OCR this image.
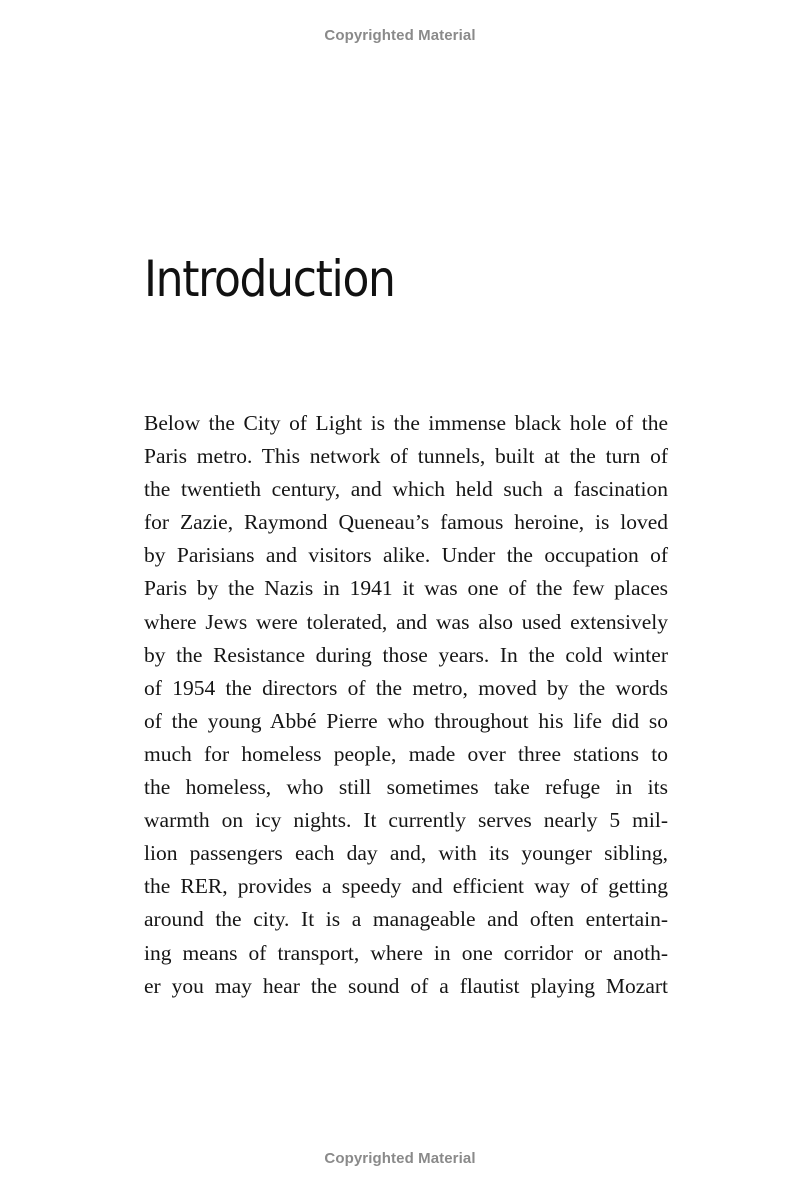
Copyrighted Material
Introduction
Below the City of Light is the immense black hole of the
Paris metro. This network of tunnels, built at the turn of
the twentieth century, and which held such a fascination
for Zazie, Raymond Queneau’s famous heroine, is loved
by Parisians and visitors alike. Under the occupation of
Paris by the Nazis in 1941 it was one of the few places
where Jews were tolerated, and was also used extensively
by the Resistance during those years. In the cold winter
of 1954 the directors of the metro, moved by the words
of the young Abbé Pierre who throughout his life did so
much for homeless people, made over three stations to
the homeless, who still sometimes take refuge in its
warmth on icy nights. It currently serves nearly 5 mil-
lion passengers each day and, with its younger sibling,
the RER, provides a speedy and efficient way of getting
around the city. It is a manageable and often entertain-
ing means of transport, where in one corridor or anoth-
er you may hear the sound of a flautist playing Mozart
Copyrighted Material
